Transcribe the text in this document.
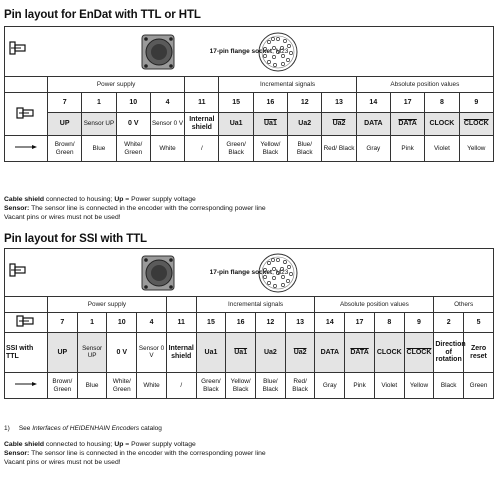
Pin layout for EnDat with TTL or HTL
17-pin flange socket, M23													

	Power supply					Incremental signals				Absolute position values			
	7	1	10	4	11	15	16	12	13	14	17	8	9
	UP	Sensor UP	0 V	Sensor 0 V	Internal shield	Ua1	Ua1	Ua2	Ua2	DATA	DATA	CLOCK	CLOCK
	Brown/ Green	Blue	White/ Green	White	/	Green/ Black	Yellow/ Black	Blue/ Black	Red/ Black	Gray	Pink	Violet	Yellow
Cable shield connected to housing; Up = Power supply voltage
Sensor: The sensor line is connected in the encoder with the corresponding power line
Vacant pins or wires must not be used!
Pin layout for SSI with TTL
17-pin flange socket, M23															

	Power supply					Incremental signals				Absolute position values				Others	
	7	1	10	4	11	15	16	12	13	14	17	8	9	2	5
SSI with TTL	UP	Sensor UP	0 V	Sensor 0 V	Internal shield	Ua1	Ua1	Ua2	Ua2	DATA	DATA	CLOCK	CLOCK	Direction of rotation	Zero reset
	Brown/ Green	Blue	White/ Green	White	/	Green/ Black	Yellow/ Black	Blue/ Black	Red/ Black	Gray	Pink	Violet	Yellow	Black	Green
1) See Interfaces of HEIDENHAIN Encoders catalog
Cable shield connected to housing; Up = Power supply voltage
Sensor: The sensor line is connected in the encoder with the corresponding power line
Vacant pins or wires must not be used!
